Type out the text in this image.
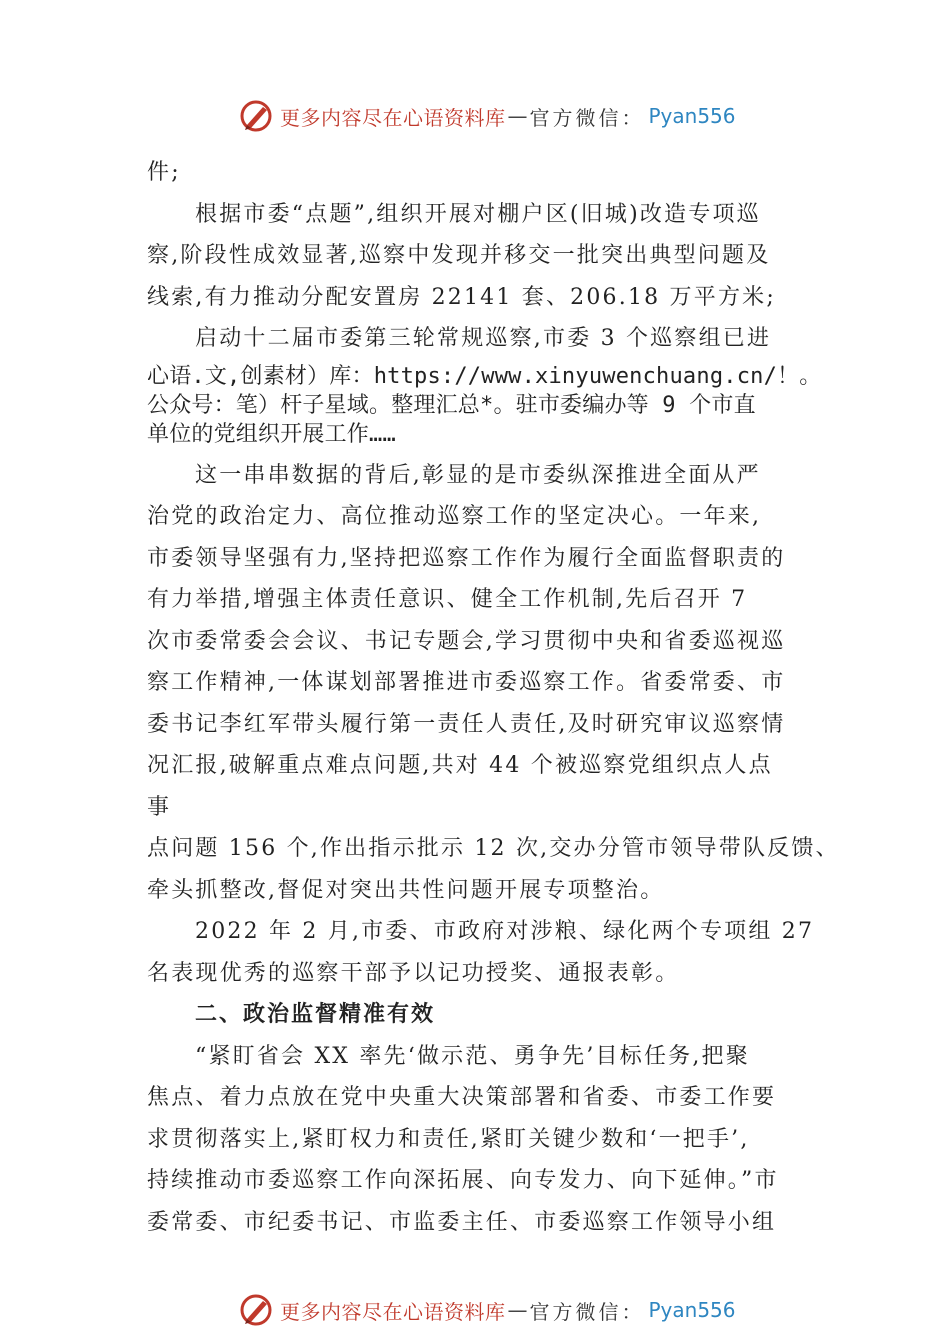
更多内容尽在心语资料库 — 官方微信： Pyan556

件;

根据市委“点题”,组织开展对棚户区(旧城)改造专项巡

察,阶段性成效显著,巡察中发现并移交一批突出典型问题及

线索,有力推动分配安置房 22141 套、206.18 万平方米;

启动十二届市委第三轮常规巡察,市委 3 个巡察组已进

心语.文,创素材）库：https://www.xinyuwenchuang.cn/！。

公众号：笔）杆子星域。整理汇总*。驻市委编办等 9 个市直

单位的党组织开展工作……

这一串串数据的背后,彰显的是市委纵深推进全面从严

治党的政治定力、高位推动巡察工作的坚定决心。一年来,

市委领导坚强有力,坚持把巡察工作作为履行全面监督职责的

有力举措,增强主体责任意识、健全工作机制,先后召开 7

次市委常委会会议、书记专题会,学习贯彻中央和省委巡视巡

察工作精神,一体谋划部署推进市委巡察工作。省委常委、市

委书记李红军带头履行第一责任人责任,及时研究审议巡察情

况汇报,破解重点难点问题,共对 44 个被巡察党组织点人点

事

点问题 156 个,作出指示批示 12 次,交办分管市领导带队反馈、

牵头抓整改,督促对突出共性问题开展专项整治。

2022 年 2 月,市委、市政府对涉粮、绿化两个专项组 27

名表现优秀的巡察干部予以记功授奖、通报表彰。

二、政治监督精准有效

“紧盯省会 XX 率先‘做示范、勇争先’目标任务,把聚

焦点、着力点放在党中央重大决策部署和省委、市委工作要

求贯彻落实上,紧盯权力和责任,紧盯关键少数和‘一把手’,

持续推动市委巡察工作向深拓展、向专发力、向下延伸。”市

委常委、市纪委书记、市监委主任、市委巡察工作领导小组

更多内容尽在心语资料库 — 官方微信： Pyan556
